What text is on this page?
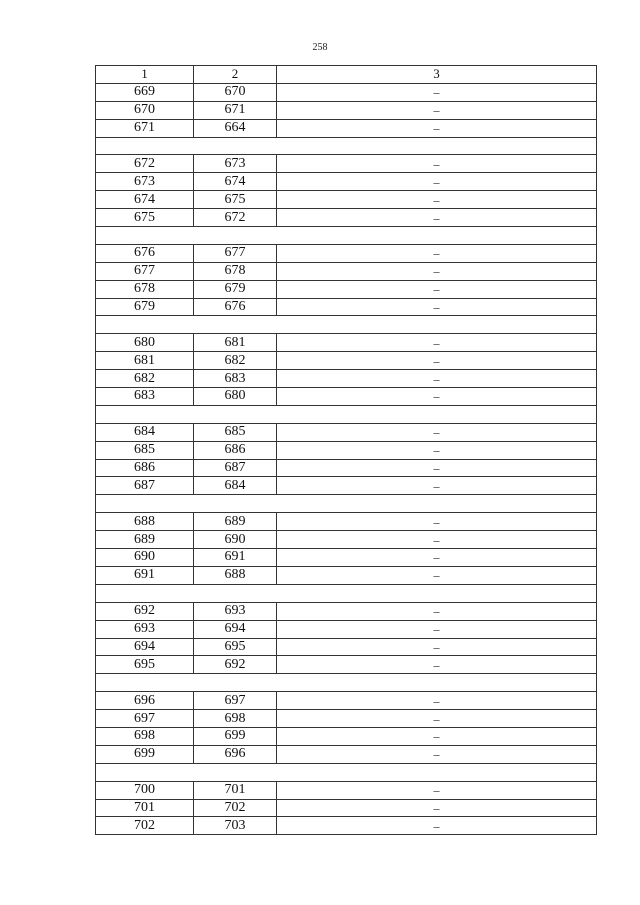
258
1	2	3
669	670	–
670	671	–
671	664	–

672	673	–
673	674	–
674	675	–
675	672	–

676	677	–
677	678	–
678	679	–
679	676	–

680	681	–
681	682	–
682	683	–
683	680	–

684	685	–
685	686	–
686	687	–
687	684	–

688	689	–
689	690	–
690	691	–
691	688	–

692	693	–
693	694	–
694	695	–
695	692	–

696	697	–
697	698	–
698	699	–
699	696	–

700	701	–
701	702	–
702	703	–
